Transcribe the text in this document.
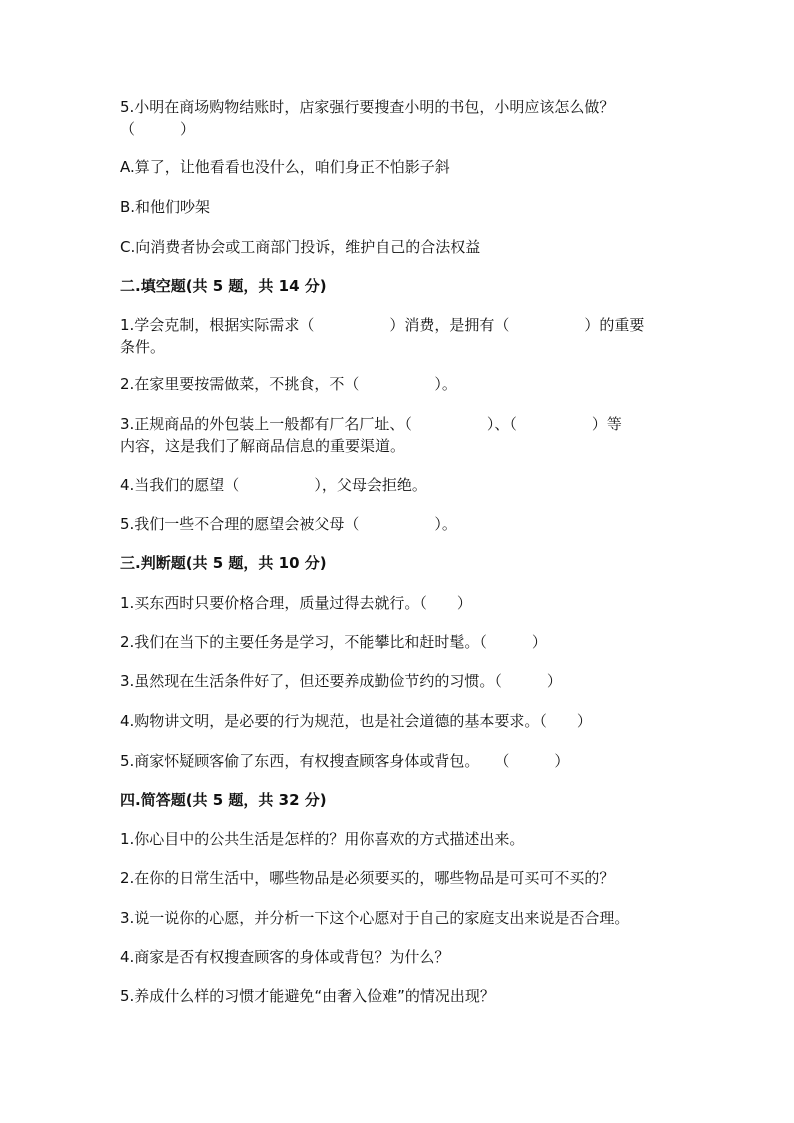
5.小明在商场购物结账时，店家强行要搜查小明的书包，小明应该怎么做？
（　　　）
A.算了，让他看看也没什么，咱们身正不怕影子斜
B.和他们吵架
C.向消费者协会或工商部门投诉，维护自己的合法权益
二.填空题(共 5 题，共 14 分)
1.学会克制，根据实际需求（　　　　　）消费，是拥有（　　　　　）的重要
条件。
2.在家里要按需做菜，不挑食，不（　　　　　）。
3.正规商品的外包装上一般都有厂名厂址、（　　　　　）、（　　　　　）等
内容，这是我们了解商品信息的重要渠道。
4.当我们的愿望（　　　　　），父母会拒绝。
5.我们一些不合理的愿望会被父母（　　　　　）。
三.判断题(共 5 题，共 10 分)
1.买东西时只要价格合理，质量过得去就行。（　　）
2.我们在当下的主要任务是学习，不能攀比和赶时髦。（　　　）
3.虽然现在生活条件好了，但还要养成勤俭节约的习惯。（　　　）
4.购物讲文明，是必要的行为规范，也是社会道德的基本要求。（　　）
5.商家怀疑顾客偷了东西，有权搜查顾客身体或背包。　　（　　　）
四.简答题(共 5 题，共 32 分)
1.你心目中的公共生活是怎样的？用你喜欢的方式描述出来。
2.在你的日常生活中，哪些物品是必须要买的，哪些物品是可买可不买的？
3.说一说你的心愿，并分析一下这个心愿对于自己的家庭支出来说是否合理。
4.商家是否有权搜查顾客的身体或背包？为什么？
5.养成什么样的习惯才能避免“由奢入俭难”的情况出现？
